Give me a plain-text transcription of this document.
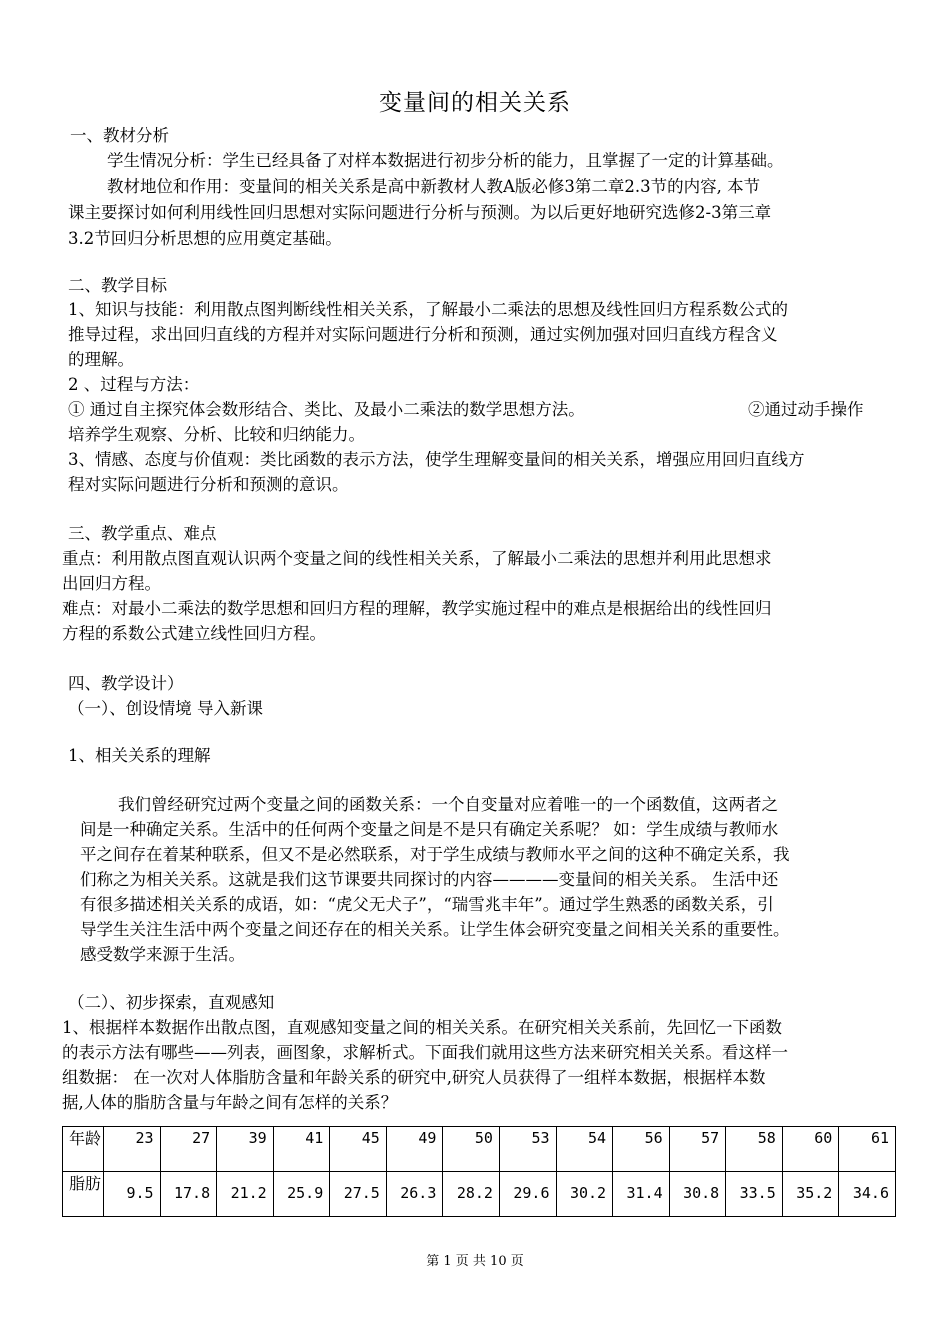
变量间的相关关系
一、教材分析
学生情况分析：学生已经具备了对样本数据进行初步分析的能力，且掌握了一定的计算基础。
教材地位和作用：变量间的相关关系是高中新教材人教A版必修3第二章2.3节的内容, 本节
课主要探讨如何利用线性回归思想对实际问题进行分析与预测。为以后更好地研究选修2-3第三章
3.2节回归分析思想的应用奠定基础。
二、教学目标
1、知识与技能：利用散点图判断线性相关关系，了解最小二乘法的思想及线性回归方程系数公式的
推导过程，求出回归直线的方程并对实际问题进行分析和预测，通过实例加强对回归直线方程含义
的理解。
2 、过程与方法：
① 通过自主探究体会数形结合、类比、及最小二乘法的数学思想方法。	②通过动手操作
培养学生观察、分析、比较和归纳能力。
3、情感、态度与价值观：类比函数的表示方法，使学生理解变量间的相关关系，增强应用回归直线方
程对实际问题进行分析和预测的意识。
三、教学重点、难点
重点：利用散点图直观认识两个变量之间的线性相关关系，了解最小二乘法的思想并利用此思想求
出回归方程。
难点：对最小二乘法的数学思想和回归方程的理解，教学实施过程中的难点是根据给出的线性回归
方程的系数公式建立线性回归方程。
四、教学设计）
（一）、创设情境 导入新课
1、相关关系的理解
我们曾经研究过两个变量之间的函数关系：一个自变量对应着唯一的一个函数值，这两者之
间是一种确定关系。生活中的任何两个变量之间是不是只有确定关系呢？ 如：学生成绩与教师水
平之间存在着某种联系，但又不是必然联系，对于学生成绩与教师水平之间的这种不确定关系，我
们称之为相关关系。这就是我们这节课要共同探讨的内容————变量间的相关关系。 生活中还
有很多描述相关关系的成语，如：“虎父无犬子”，“瑞雪兆丰年”。通过学生熟悉的函数关系，引
导学生关注生活中两个变量之间还存在的相关关系。让学生体会研究变量之间相关关系的重要性。
感受数学来源于生活。
（二）、初步探索，直观感知
1、根据样本数据作出散点图，直观感知变量之间的相关关系。在研究相关关系前，先回忆一下函数
的表示方法有哪些——列表，画图象，求解析式。下面我们就用这些方法来研究相关关系。看这样一
组数据： 在一次对人体脂肪含量和年龄关系的研究中,研究人员获得了一组样本数据，根据样本数
据,人体的脂肪含量与年龄之间有怎样的关系？
年龄	23	27	39	41	45	49	50	53	54	56	57	58	60	61
脂肪	9.5	17.8	21.2	25.9	27.5	26.3	28.2	29.6	30.2	31.4	30.8	33.5	35.2	34.6
第 1 页 共 10 页
